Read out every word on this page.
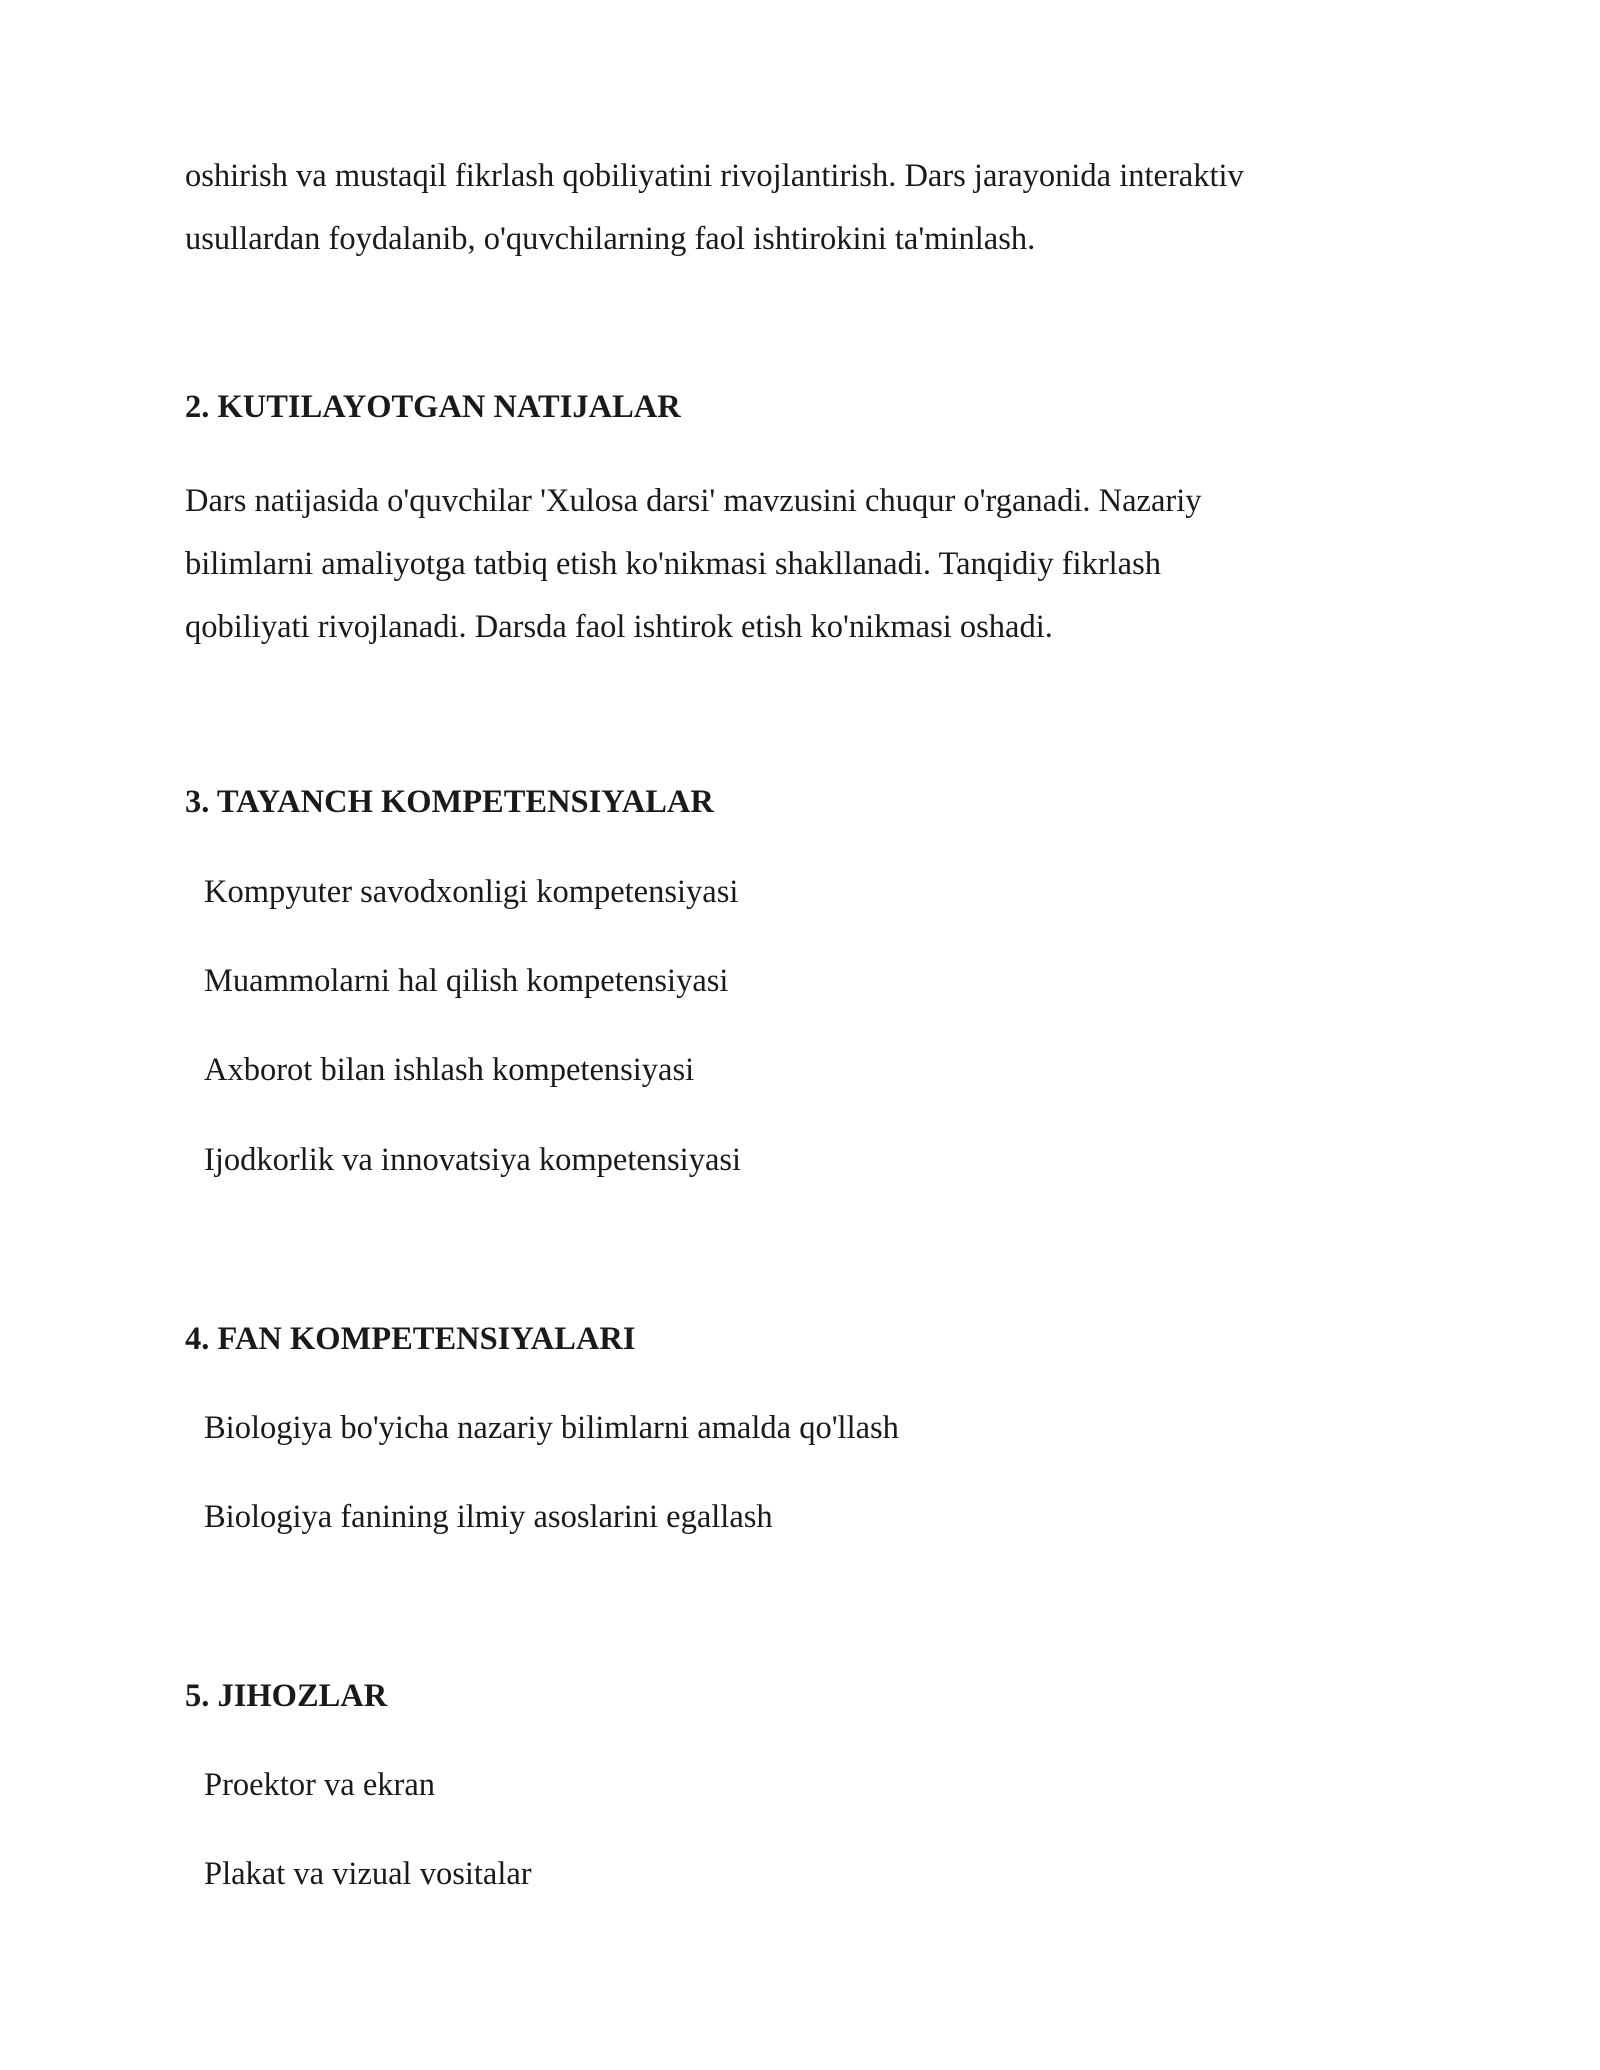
oshirish va mustaqil fikrlash qobiliyatini rivojlantirish. Dars jarayonida interaktiv
usullardan foydalanib, o'quvchilarning faol ishtirokini ta'minlash.

2. KUTILAYOTGAN NATIJALAR

Dars natijasida o'quvchilar 'Xulosa darsi' mavzusini chuqur o'rganadi. Nazariy
bilimlarni amaliyotga tatbiq etish ko'nikmasi shakllanadi. Tanqidiy fikrlash
qobiliyati rivojlanadi. Darsda faol ishtirok etish ko'nikmasi oshadi.

3. TAYANCH KOMPETENSIYALAR
Kompyuter savodxonligi kompetensiyasi
Muammolarni hal qilish kompetensiyasi
Axborot bilan ishlash kompetensiyasi
Ijodkorlik va innovatsiya kompetensiyasi
4. FAN KOMPETENSIYALARI
Biologiya bo'yicha nazariy bilimlarni amalda qo'llash
Biologiya fanining ilmiy asoslarini egallash
5. JIHOZLAR
Proektor va ekran
Plakat va vizual vositalar
